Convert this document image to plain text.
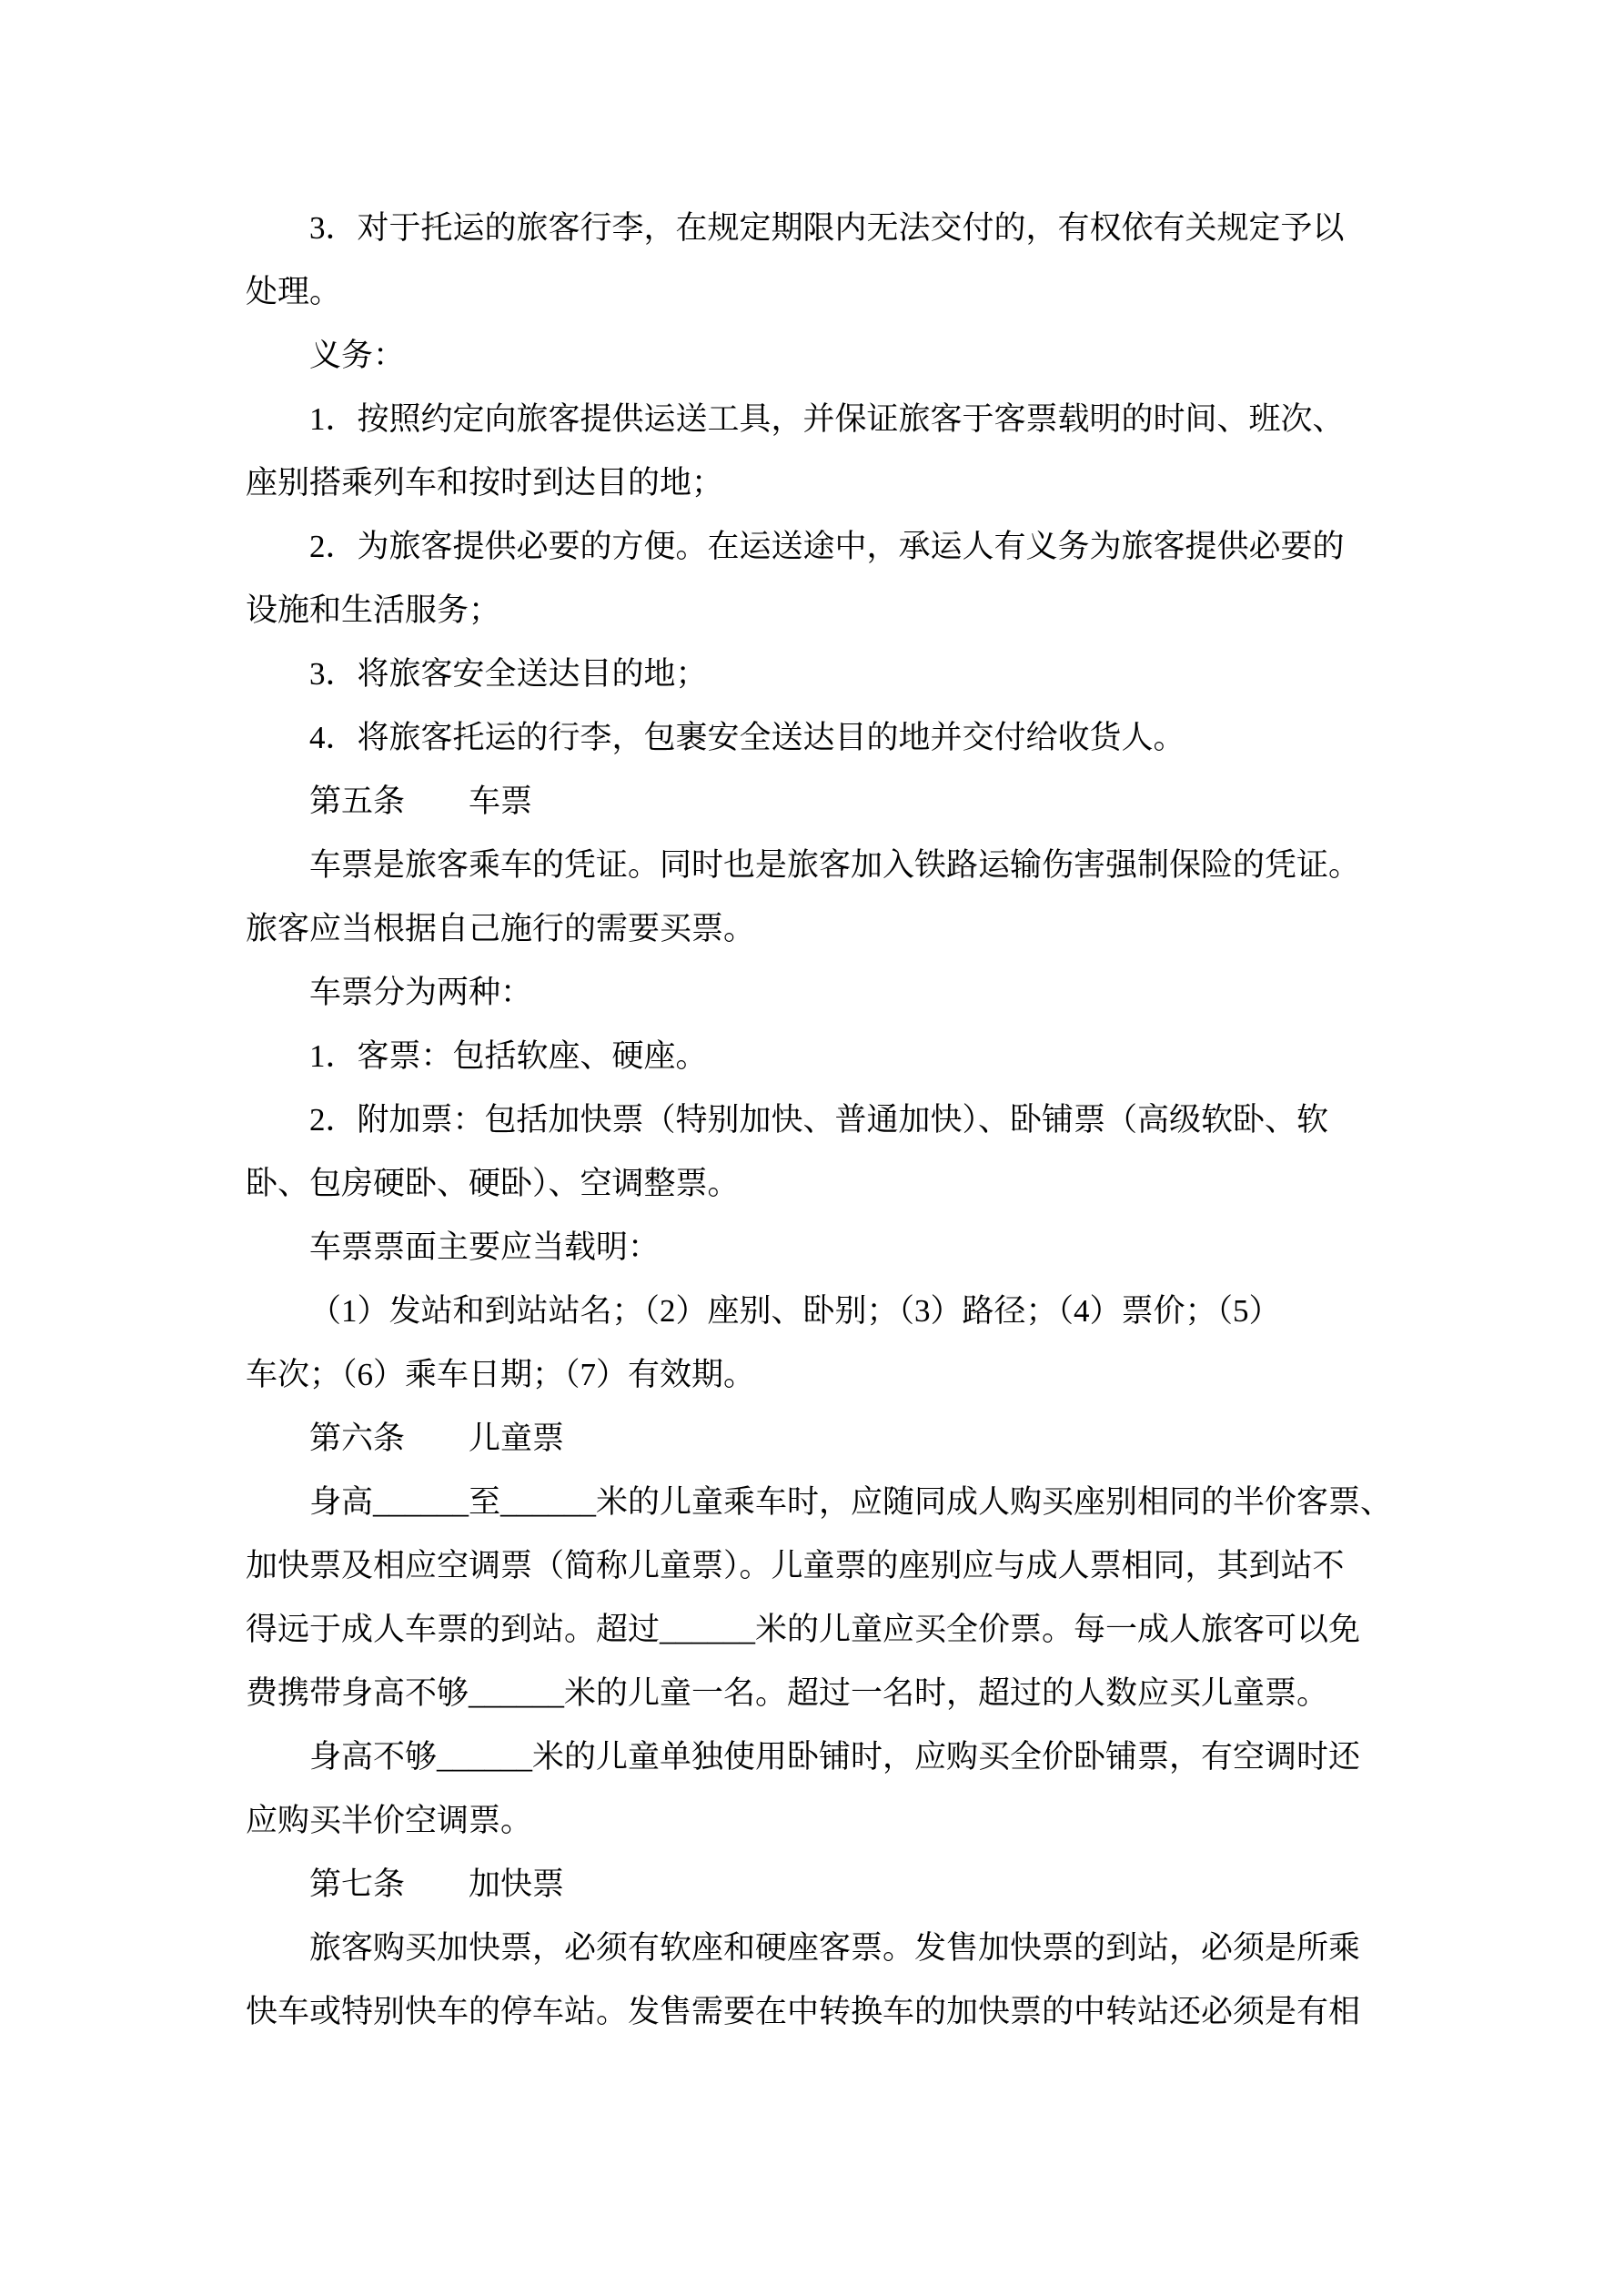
3．对于托运的旅客行李，在规定期限内无法交付的，有权依有关规定予以
处理。
义务：
1．按照约定向旅客提供运送工具，并保证旅客于客票载明的时间、班次、
座别搭乘列车和按时到达目的地；
2．为旅客提供必要的方便。在运送途中，承运人有义务为旅客提供必要的
设施和生活服务；
3．将旅客安全送达目的地；
4．将旅客托运的行李，包裹安全送达目的地并交付给收货人。
第五条　　车票
车票是旅客乘车的凭证。同时也是旅客加入铁路运输伤害强制保险的凭证。
旅客应当根据自己施行的需要买票。
车票分为两种：
1．客票：包括软座、硬座。
2．附加票：包括加快票（特别加快、普通加快）、卧铺票（高级软卧、软
卧、包房硬卧、硬卧）、空调整票。
车票票面主要应当载明：
（1）发站和到站站名；（2）座别、卧别；（3）路径；（4）票价；（5）
车次；（6）乘车日期；（7）有效期。
第六条　　儿童票
身高______至______米的儿童乘车时，应随同成人购买座别相同的半价客票、
加快票及相应空调票（简称儿童票）。儿童票的座别应与成人票相同，其到站不
得远于成人车票的到站。超过______米的儿童应买全价票。每一成人旅客可以免
费携带身高不够______米的儿童一名。超过一名时，超过的人数应买儿童票。
身高不够______米的儿童单独使用卧铺时，应购买全价卧铺票，有空调时还
应购买半价空调票。
第七条　　加快票
旅客购买加快票，必须有软座和硬座客票。发售加快票的到站，必须是所乘
快车或特别快车的停车站。发售需要在中转换车的加快票的中转站还必须是有相
